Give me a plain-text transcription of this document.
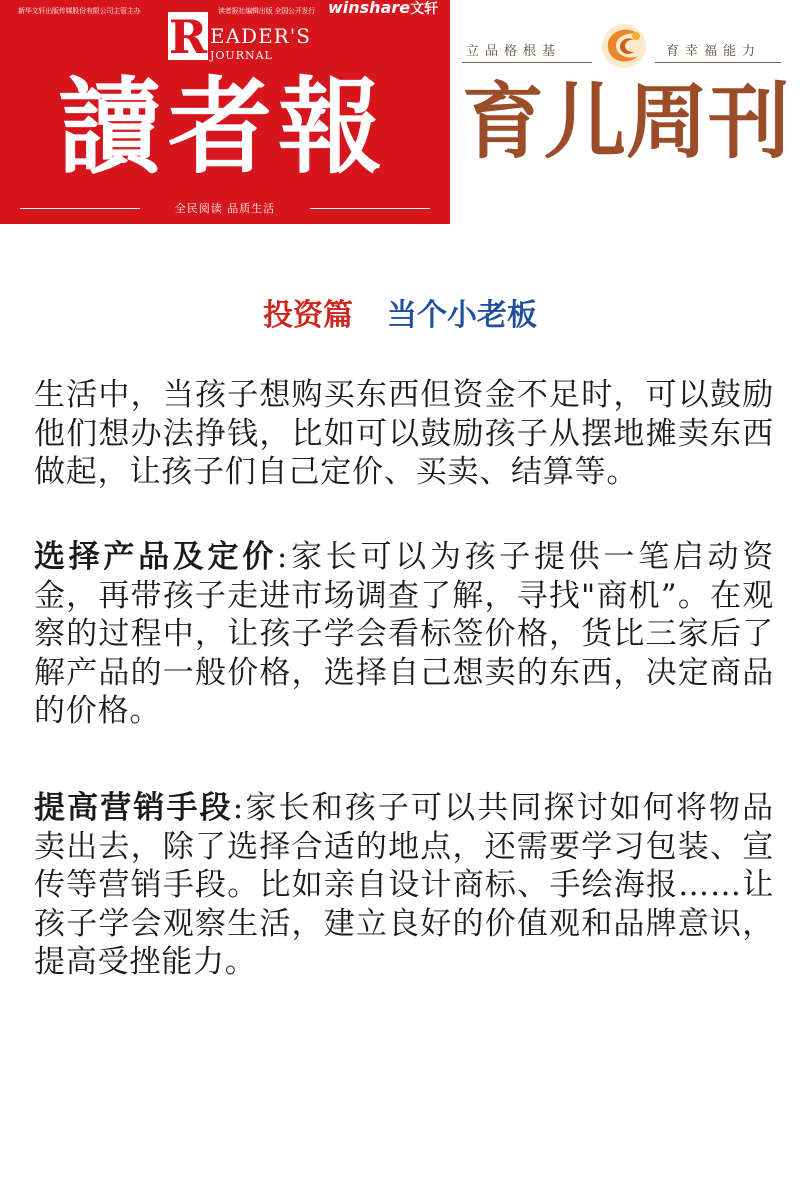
新华文轩出版传媒股份有限公司主管主办	读者报社编辑出版 全国公开发行 winshare文轩
R EADER'S
JOURNAL
讀者報
全民阅读 品质生活
立品格根基	育幸福能力
育儿周刊
投资篇 当个小老板

生活中，当孩子想购买东西但资金不足时，可以鼓励他们想办法挣钱，比如可以鼓励孩子从摆地摊卖东西做起，让孩子们自己定价、买卖、结算等。

选择产品及定价:家长可以为孩子提供一笔启动资金，再带孩子走进市场调查了解，寻找"商机”。在观察的过程中，让孩子学会看标签价格，货比三家后了解产品的一般价格，选择自己想卖的东西，决定商品的价格。

提高营销手段:家长和孩子可以共同探讨如何将物品卖出去，除了选择合适的地点，还需要学习包装、宣传等营销手段。比如亲自设计商标、手绘海报……让孩子学会观察生活，建立良好的价值观和品牌意识，提高受挫能力。
